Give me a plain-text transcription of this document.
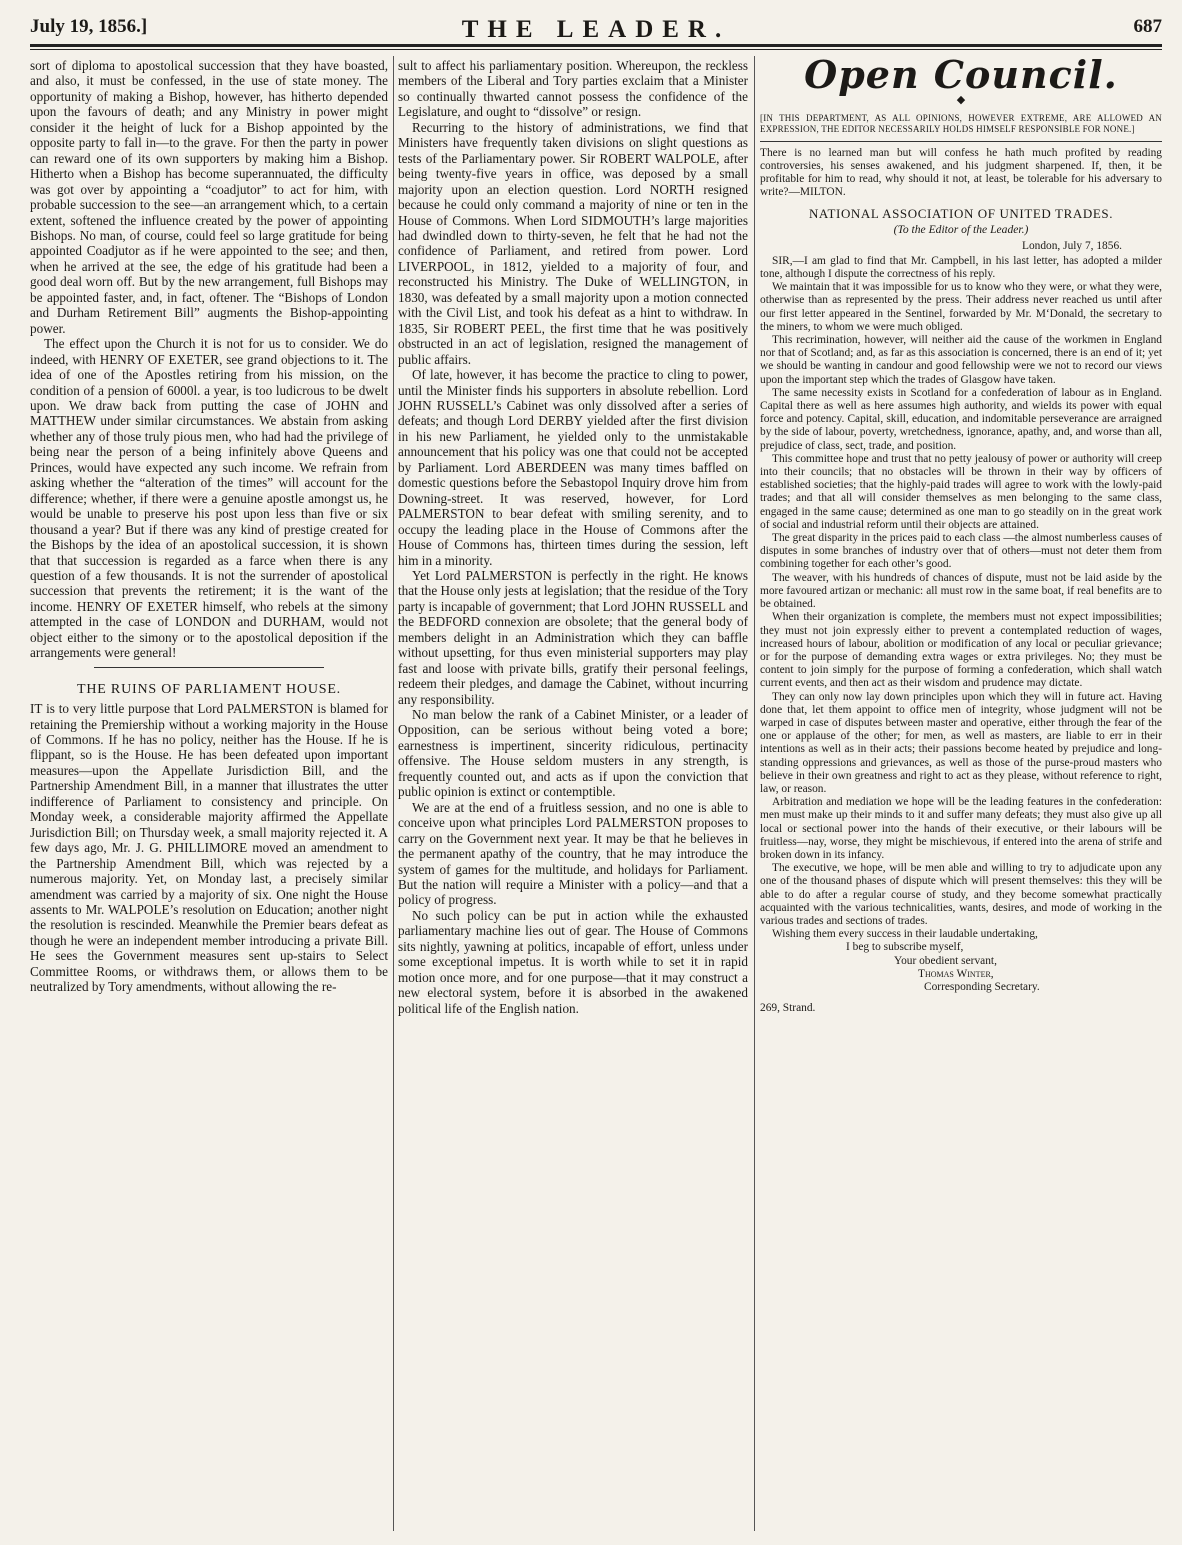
July 19, 1856.]	THE LEADER.	687

sort of diploma to apostolical succession that they have boasted, and also, it must be confessed, in the use of state money. The opportunity of making a Bishop, however, has hitherto depended upon the favours of death; and any Ministry in power might consider it the height of luck for a Bishop appointed by the opposite party to fall in—to the grave. For then the party in power can reward one of its own supporters by making him a Bishop. Hitherto when a Bishop has become superannuated, the difficulty was got over by appointing a “coadjutor” to act for him, with probable succession to the see—an arrangement which, to a certain extent, softened the influence created by the power of appointing Bishops. No man, of course, could feel so large gratitude for being appointed Coadjutor as if he were appointed to the see; and then, when he arrived at the see, the edge of his gratitude had been a good deal worn off. But by the new arrangement, full Bishops may be appointed faster, and, in fact, oftener. The “Bishops of London and Durham Retirement Bill” augments the Bishop-appointing power.

The effect upon the Church it is not for us to consider. We do indeed, with HENRY OF EXETER, see grand objections to it. The idea of one of the Apostles retiring from his mission, on the condition of a pension of 6000l. a year, is too ludicrous to be dwelt upon. We draw back from putting the case of JOHN and MATTHEW under similar circumstances. We abstain from asking whether any of those truly pious men, who had had the privilege of being near the person of a being infinitely above Queens and Princes, would have expected any such income. We refrain from asking whether the “alteration of the times” will account for the difference; whether, if there were a genuine apostle amongst us, he would be unable to preserve his post upon less than five or six thousand a year? But if there was any kind of prestige created for the Bishops by the idea of an apostolical succession, it is shown that that succession is regarded as a farce when there is any question of a few thousands. It is not the surrender of apostolical succession that prevents the retirement; it is the want of the income. HENRY OF EXETER himself, who rebels at the simony attempted in the case of LONDON and DURHAM, would not object either to the simony or to the apostolical deposition if the arrangements were general!

THE RUINS OF PARLIAMENT HOUSE.

IT is to very little purpose that Lord PALMERSTON is blamed for retaining the Premiership without a working majority in the House of Commons. If he has no policy, neither has the House. If he is flippant, so is the House. He has been defeated upon important measures—upon the Appellate Jurisdiction Bill, and the Partnership Amendment Bill, in a manner that illustrates the utter indifference of Parliament to consistency and principle. On Monday week, a considerable majority affirmed the Appellate Jurisdiction Bill; on Thursday week, a small majority rejected it. A few days ago, Mr. J. G. PHILLIMORE moved an amendment to the Partnership Amendment Bill, which was rejected by a numerous majority. Yet, on Monday last, a precisely similar amendment was carried by a majority of six. One night the House assents to Mr. WALPOLE’s resolution on Education; another night the resolution is rescinded. Meanwhile the Premier bears defeat as though he were an independent member introducing a private Bill. He sees the Government measures sent up-stairs to Select Committee Rooms, or withdraws them, or allows them to be neutralized by Tory amendments, without allowing the re-

sult to affect his parliamentary position. Whereupon, the reckless members of the Liberal and Tory parties exclaim that a Minister so continually thwarted cannot possess the confidence of the Legislature, and ought to “dissolve” or resign.

Recurring to the history of administrations, we find that Ministers have frequently taken divisions on slight questions as tests of the Parliamentary power. Sir ROBERT WALPOLE, after being twenty-five years in office, was deposed by a small majority upon an election question. Lord NORTH resigned because he could only command a majority of nine or ten in the House of Commons. When Lord SIDMOUTH’s large majorities had dwindled down to thirty-seven, he felt that he had not the confidence of Parliament, and retired from power. Lord LIVERPOOL, in 1812, yielded to a majority of four, and reconstructed his Ministry. The Duke of WELLINGTON, in 1830, was defeated by a small majority upon a motion connected with the Civil List, and took his defeat as a hint to withdraw. In 1835, Sir ROBERT PEEL, the first time that he was positively obstructed in an act of legislation, resigned the management of public affairs.

Of late, however, it has become the practice to cling to power, until the Minister finds his supporters in absolute rebellion. Lord JOHN RUSSELL’s Cabinet was only dissolved after a series of defeats; and though Lord DERBY yielded after the first division in his new Parliament, he yielded only to the unmistakable announcement that his policy was one that could not be accepted by Parliament. Lord ABERDEEN was many times baffled on domestic questions before the Sebastopol Inquiry drove him from Downing-street. It was reserved, however, for Lord PALMERSTON to bear defeat with smiling serenity, and to occupy the leading place in the House of Commons after the House of Commons has, thirteen times during the session, left him in a minority.

Yet Lord PALMERSTON is perfectly in the right. He knows that the House only jests at legislation; that the residue of the Tory party is incapable of government; that Lord JOHN RUSSELL and the BEDFORD connexion are obsolete; that the general body of members delight in an Administration which they can baffle without upsetting, for thus even ministerial supporters may play fast and loose with private bills, gratify their personal feelings, redeem their pledges, and damage the Cabinet, without incurring any responsibility.

No man below the rank of a Cabinet Minister, or a leader of Opposition, can be serious without being voted a bore; earnestness is impertinent, sincerity ridiculous, pertinacity offensive. The House seldom musters in any strength, is frequently counted out, and acts as if upon the conviction that public opinion is extinct or contemptible.

We are at the end of a fruitless session, and no one is able to conceive upon what principles Lord PALMERSTON proposes to carry on the Government next year. It may be that he believes in the permanent apathy of the country, that he may introduce the system of games for the multitude, and holidays for Parliament. But the nation will require a Minister with a policy—and that a policy of progress.

No such policy can be put in action while the exhausted parliamentary machine lies out of gear. The House of Commons sits nightly, yawning at politics, incapable of effort, unless under some exceptional impetus. It is worth while to set it in rapid motion once more, and for one purpose—that it may construct a new electoral system, before it is absorbed in the awakened political life of the English nation.

Open Council.
◆
[IN THIS DEPARTMENT, AS ALL OPINIONS, HOWEVER EXTREME, ARE ALLOWED AN EXPRESSION, THE EDITOR NECESSARILY HOLDS HIMSELF RESPONSIBLE FOR NONE.]
There is no learned man but will confess he hath much profited by reading controversies, his senses awakened, and his judgment sharpened. If, then, it be profitable for him to read, why should it not, at least, be tolerable for his adversary to write?—MILTON.
NATIONAL ASSOCIATION OF UNITED TRADES.
(To the Editor of the Leader.)
London, July 7, 1856.

SIR,—I am glad to find that Mr. Campbell, in his last letter, has adopted a milder tone, although I dispute the correctness of his reply.

We maintain that it was impossible for us to know who they were, or what they were, otherwise than as represented by the press. Their address never reached us until after our first letter appeared in the Sentinel, forwarded by Mr. M‘Donald, the secretary to the miners, to whom we were much obliged.

This recrimination, however, will neither aid the cause of the workmen in England nor that of Scotland; and, as far as this association is concerned, there is an end of it; yet we should be wanting in candour and good fellowship were we not to record our views upon the important step which the trades of Glasgow have taken.

The same necessity exists in Scotland for a confederation of labour as in England. Capital there as well as here assumes high authority, and wields its power with equal force and potency. Capital, skill, education, and indomitable perseverance are arraigned by the side of labour, poverty, wretchedness, ignorance, apathy, and, and worse than all, prejudice of class, sect, trade, and position.

This committee hope and trust that no petty jealousy of power or authority will creep into their councils; that no obstacles will be thrown in their way by officers of established societies; that the highly-paid trades will agree to work with the lowly-paid trades; and that all will consider themselves as men belonging to the same class, engaged in the same cause; determined as one man to go steadily on in the great work of social and industrial reform until their objects are attained.

The great disparity in the prices paid to each class —the almost numberless causes of disputes in some branches of industry over that of others—must not deter them from combining together for each other’s good.

The weaver, with his hundreds of chances of dispute, must not be laid aside by the more favoured artizan or mechanic: all must row in the same boat, if real benefits are to be obtained.

When their organization is complete, the members must not expect impossibilities; they must not join expressly either to prevent a contemplated reduction of wages, increased hours of labour, abolition or modification of any local or peculiar grievance; or for the purpose of demanding extra wages or extra privileges. No; they must be content to join simply for the purpose of forming a confederation, which shall watch current events, and then act as their wisdom and prudence may dictate.

They can only now lay down principles upon which they will in future act. Having done that, let them appoint to office men of integrity, whose judgment will not be warped in case of disputes between master and operative, either through the fear of the one or applause of the other; for men, as well as masters, are liable to err in their intentions as well as in their acts; their passions become heated by prejudice and long-standing oppressions and grievances, as well as those of the purse-proud masters who believe in their own greatness and right to act as they please, without reference to right, law, or reason.

Arbitration and mediation we hope will be the leading features in the confederation: men must make up their minds to it and suffer many defeats; they must also give up all local or sectional power into the hands of their executive, or their labours will be fruitless—nay, worse, they might be mischievous, if entered into the arena of strife and broken down in its infancy.

The executive, we hope, will be men able and willing to try to adjudicate upon any one of the thousand phases of dispute which will present themselves: this they will be able to do after a regular course of study, and they become somewhat practically acquainted with the various technicalities, wants, desires, and mode of working in the various trades and sections of trades.

Wishing them every success in their laudable undertaking,

I beg to subscribe myself,

Your obedient servant,

Thomas Winter,

Corresponding Secretary.

269, Strand.
